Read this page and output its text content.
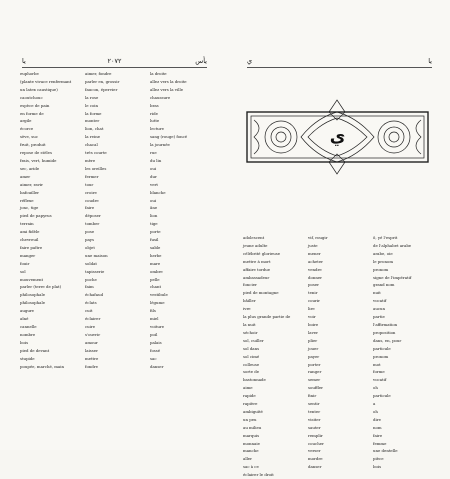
يا	۲۰۷۲	يأس
euphorbe
(plante vivace renfermant
un latex caustique)
caoutchouc
espèce de pain
en forme de
argile
écorce
sève, suc
fruit, produit
repose de stèles
frais, vert, humide
sec, aride
amer
aimer, ravir
bafouiller
réflexe
jonc, tige
pied de papyrus
terrain
ami fidèle
chevreuil
faire paître
manger
fouir
sol
mouvement
parler (terre de plat)
philosophale
philosophale
augure
aîné
cannelle
nombre
bois
pied de devant
stupide
poupée, marché, main
aimer, fondre
parler en, grossir
faucon, épervier
la rose
le coin
la forme
monter
lion, chat
la reine
chacal
très courte
mère
les oreilles
fermer
tour
croire
coudre
faire
déposer
tomber
pose
pays
objet
une maison
soldat
tapisserie
poche
faim
échafaud
éclats
cuit
éclairer
cuire
s'ouvrir
amour
laisser
mettre
fondre
la droite
allez vers la droite
allez vers la ville
chaussure
bras
ride
lutte
lecture
sang (rouge) foncé
la journée
rue
du lin
oui
dur
vert
blanche
oui
âne
lion
tige
porte
fusil
sable
herbe
mare
ombre
pelle
chant
vestibule
légume
fils
miel
voiture
poil
palais
fossé
sac
danser
ي	يا
ي
adolescent
jeune adulte
célébrité glorieuse
mettre à mort
affaire tordue
ambassadeur
foncier
pied de montagne
bâiller
ivre
la plus grande partie de
la nuit
séchoir
sol, cuiller
sol dans
sol cimé
colleuse
sorte de
bastonnade
aime
rapide
rapière
ambiguïté
un peu
au milieu
marquis
monnaie
manche
aller
sac à ce
éclairer le droit
vif, rougir
juste
mener
acheter
vendre
donner
poser
tenir
courir
lire
voir
boire
laver
plier
jouer
payer
porter
ranger
semer
souffler
finir
sentir
tenter
visiter
sauter
remplir
coucher
verser
mordre
danser
ô, yé l'esprit
de l'alphabet arabe
arabe, oie
le pronom
pronom
signe de l'impératif
grand nom
nuit
vocatif
aucun
partie
l'affirmation
proposition
dans, en, pour
particule
pronom
mot
forme
vocatif
oh
particule
a
oh
dire
nom
faire
femme
une dentelle
pièce
bois
